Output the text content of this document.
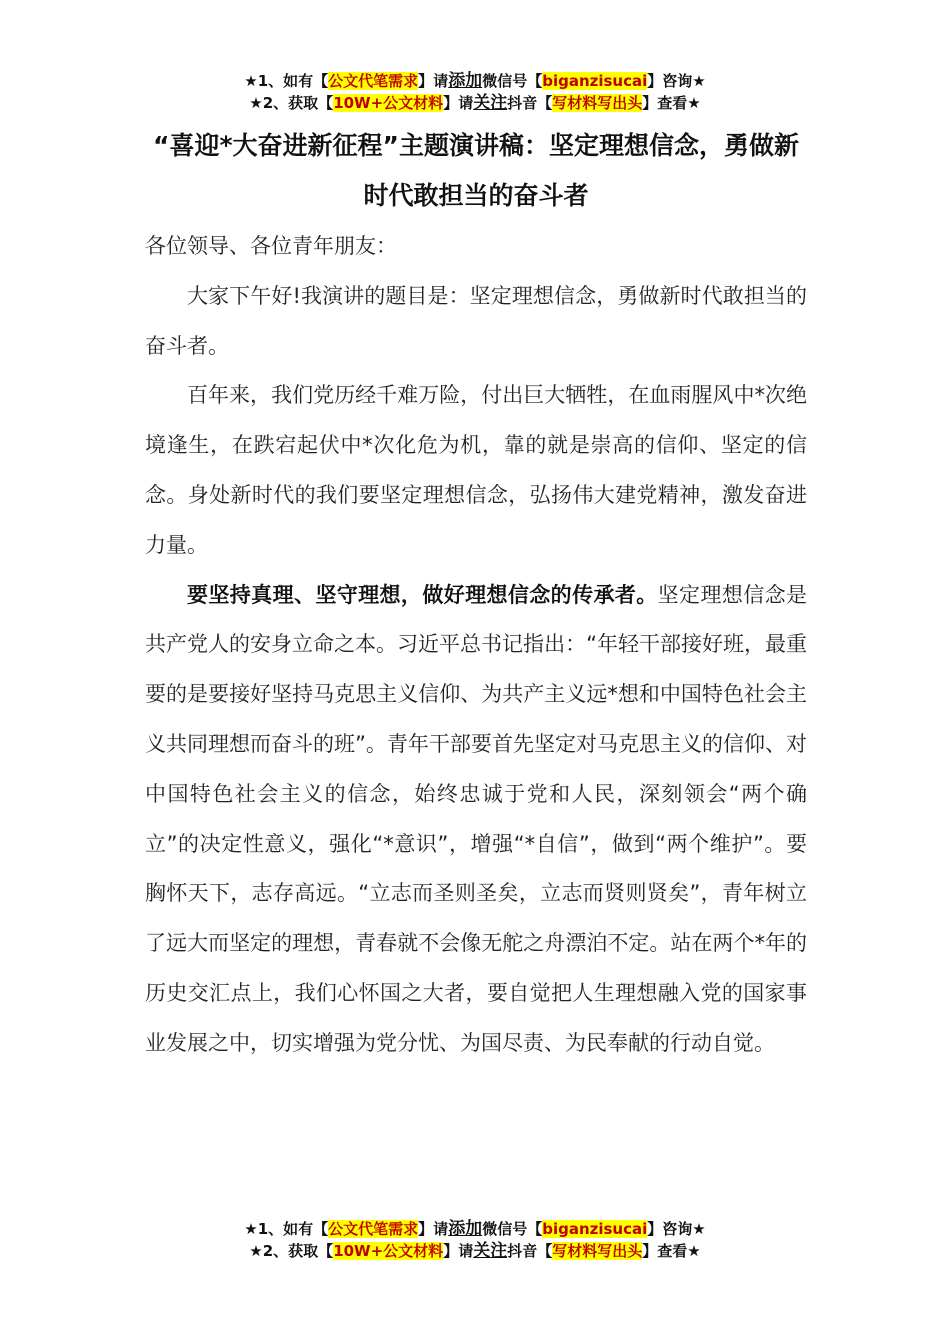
★1、如有【公文代笔需求】请添加微信号【biganzisucai】咨询★
★2、获取【10W+公文材料】请关注抖音【写材料写出头】查看★
“喜迎*大奋进新征程”主题演讲稿：坚定理想信念，勇做新时代敢担当的奋斗者

各位领导、各位青年朋友：

大家下午好!我演讲的题目是：坚定理想信念，勇做新时代敢担当的奋斗者。

百年来，我们党历经千难万险，付出巨大牺牲，在血雨腥风中*次绝境逢生，在跌宕起伏中*次化危为机，靠的就是崇高的信仰、坚定的信念。身处新时代的我们要坚定理想信念，弘扬伟大建党精神，激发奋进力量。

要坚持真理、坚守理想，做好理想信念的传承者。坚定理想信念是共产党人的安身立命之本。习近平总书记指出：“年轻干部接好班，最重要的是要接好坚持马克思主义信仰、为共产主义远*想和中国特色社会主义共同理想而奋斗的班”。青年干部要首先坚定对马克思主义的信仰、对中国特色社会主义的信念，始终忠诚于党和人民，深刻领会“两个确立”的决定性意义，强化“*意识”，增强“*自信”，做到“两个维护”。要胸怀天下，志存高远。“立志而圣则圣矣，立志而贤则贤矣”，青年树立了远大而坚定的理想，青春就不会像无舵之舟漂泊不定。站在两个*年的历史交汇点上，我们心怀国之大者，要自觉把人生理想融入党的国家事业发展之中，切实增强为党分忧、为国尽责、为民奉献的行动自觉。

★1、如有【公文代笔需求】请添加微信号【biganzisucai】咨询★
★2、获取【10W+公文材料】请关注抖音【写材料写出头】查看★
